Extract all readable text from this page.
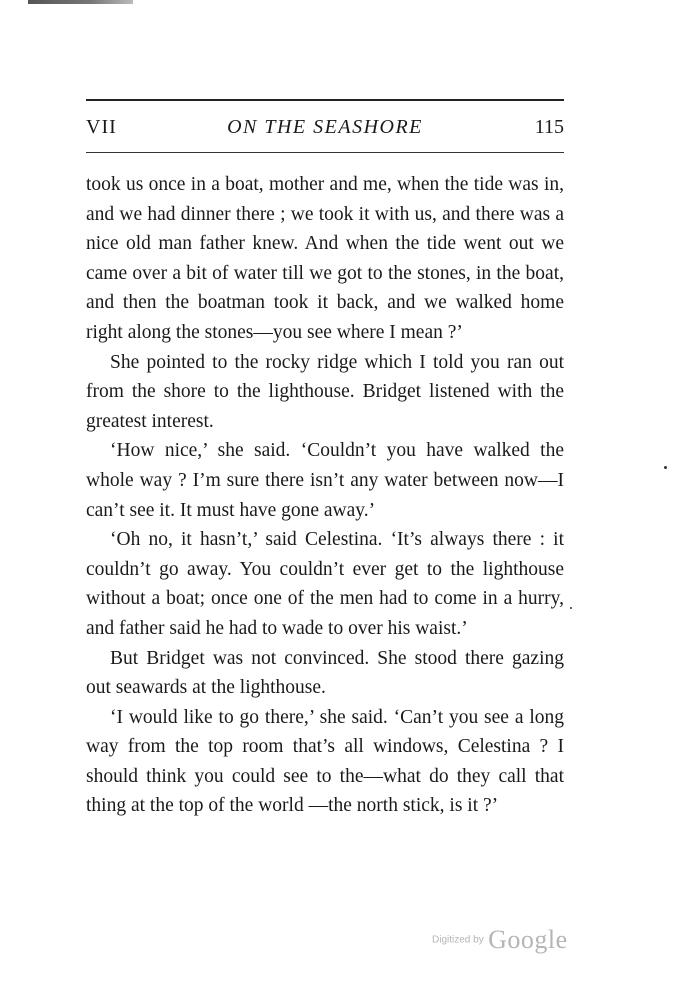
VII	ON THE SEASHORE	115

took us once in a boat, mother and me, when the tide was in, and we had dinner there ; we took it with us, and there was a nice old man father knew. And when the tide went out we came over a bit of water till we got to the stones, in the boat, and then the boatman took it back, and we walked home right along the stones—you see where I mean ?’

She pointed to the rocky ridge which I told you ran out from the shore to the lighthouse. Bridget listened with the greatest interest.

‘How nice,’ she said. ‘Couldn’t you have walked the whole way ? I’m sure there isn’t any water between now—I can’t see it. It must have gone away.’

‘Oh no, it hasn’t,’ said Celestina. ‘It’s always there : it couldn’t go away. You couldn’t ever get to the lighthouse without a boat; once one of the men had to come in a hurry, and father said he had to wade to over his waist.’

But Bridget was not convinced. She stood there gazing out seawards at the lighthouse.

‘I would like to go there,’ she said. ‘Can’t you see a long way from the top room that’s all windows, Celestina ? I should think you could see to the—what do they call that thing at the top of the world —the north stick, is it ?’

Digitized by Google
